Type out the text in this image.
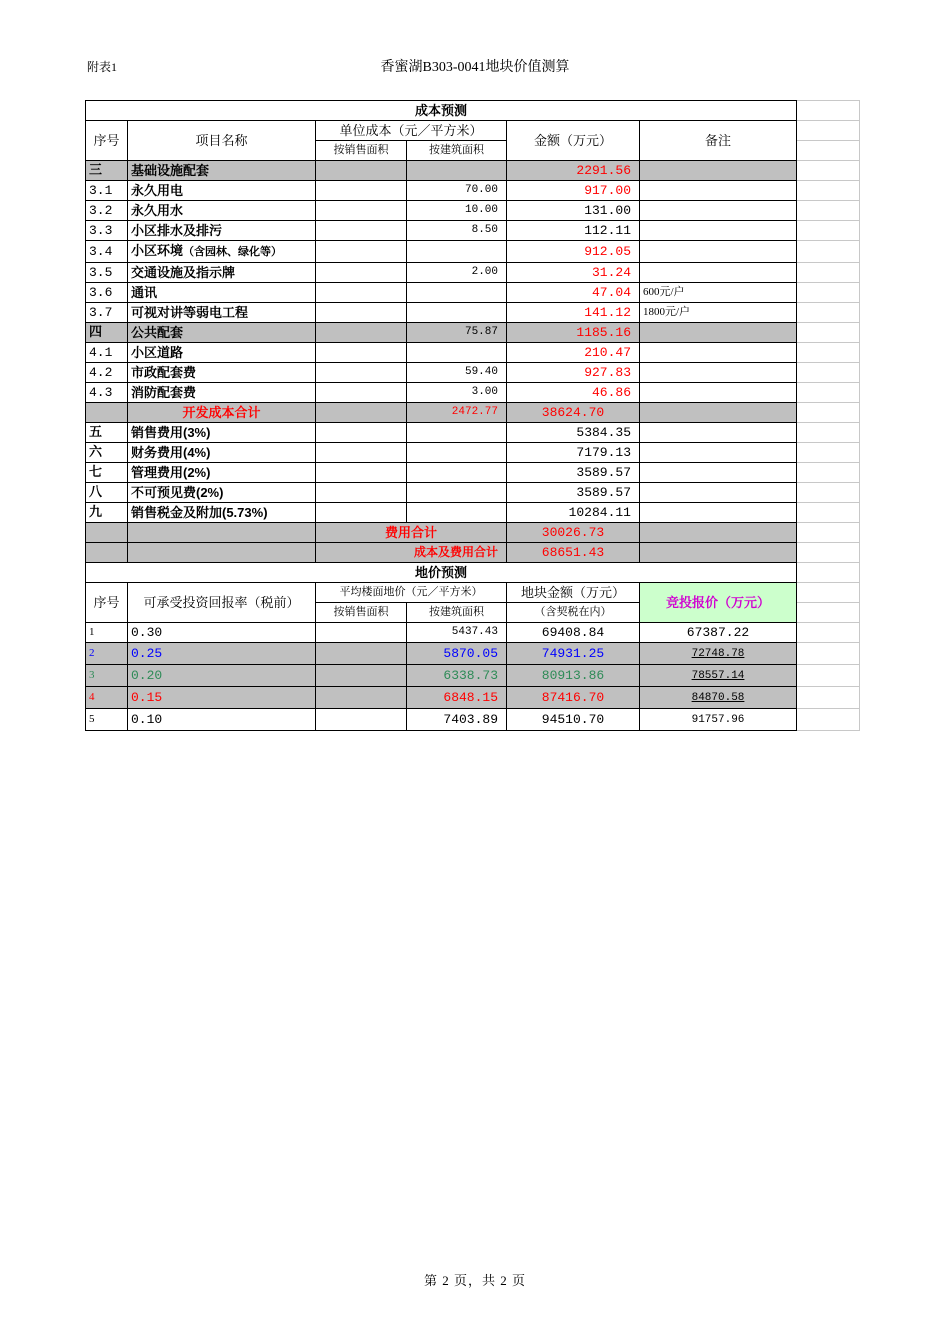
附表1	香蜜湖B303-0041地块价值测算
成本预测						
序号	项目名称	单位成本（元／平方米）		金额（万元）	备注	
		按销售面积	按建筑面积			
三	基础设施配套			2291.56		
3.1	永久用电		70.00	917.00		
3.2	永久用水		10.00	131.00		
3.3	小区排水及排污		8.50	112.11		
3.4	小区环境（含园林、绿化等）			912.05		
3.5	交通设施及指示牌		2.00	31.24		
3.6	通讯			47.04	600元/户	
3.7	可视对讲等弱电工程			141.12	1800元/户	
四	公共配套		75.87	1185.16		
4.1	小区道路			210.47		
4.2	市政配套费		59.40	927.83		
4.3	消防配套费		3.00	46.86		
	开发成本合计		2472.77	38624.70		
五	销售费用(3%)			5384.35		
六	财务费用(4%)			7179.13		
七	管理费用(2%)			3589.57		
八	不可预见费(2%)			3589.57		
九	销售税金及附加(5.73%)			10284.11		
		费用合计		30026.73		
		成本及费用合计		68651.43		
地价预测						
序号	可承受投资回报率（税前）	平均楼面地价（元／平方米）		地块金额（万元）	竞投报价（万元）	
		按销售面积	按建筑面积	（含契税在内）		
1	0.30		5437.43	69408.84	67387.22	
2	0.25		5870.05	74931.25	72748.78	
3	0.20		6338.73	80913.86	78557.14	
4	0.15		6848.15	87416.70	84870.58	
5	0.10		7403.89	94510.70	91757.96	
第 2 页，共 2 页
